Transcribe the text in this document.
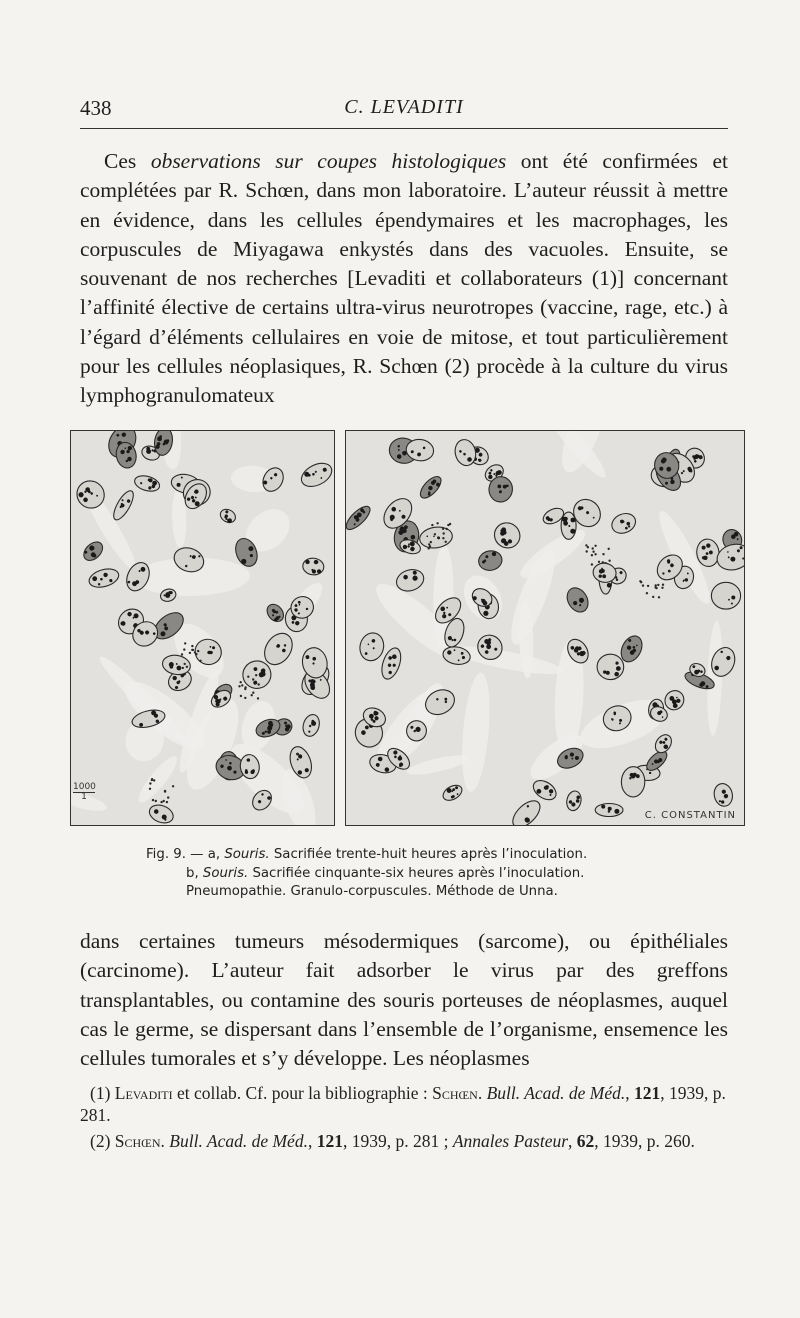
438	C. LEVADITI

Ces observations sur coupes histologiques ont été confirmées et complétées par R. Schœn, dans mon laboratoire. L’auteur réussit à mettre en évidence, dans les cellules épendymaires et les macrophages, les corpuscules de Miyagawa enkystés dans des vacuoles. Ensuite, se souvenant de nos recherches [Levaditi et collaborateurs (1)] concernant l’affinité élective de certains ultra-virus neurotropes (vaccine, rage, etc.) à l’égard d’éléments cellulaires en voie de mitose, et tout particulièrement pour les cellules néoplasiques, R. Schœn (2) procède à la culture du virus lymphogranulomateux

1000
1
C. CONSTANTIN
Fig. 9. — a, Souris. Sacrifiée trente-huit heures après l’inoculation.
b, Souris. Sacrifiée cinquante-six heures après l’inoculation.
Pneumopathie. Granulo-corpuscules. Méthode de Unna.

dans certaines tumeurs mésodermiques (sarcome), ou épithéliales (carcinome). L’auteur fait adsorber le virus par des greffons transplantables, ou contamine des souris porteuses de néoplasmes, auquel cas le germe, se dispersant dans l’ensemble de l’organisme, ensemence les cellules tumorales et s’y développe. Les néoplasmes

(1) Levaditi et collab. Cf. pour la bibliographie : Schœn. Bull. Acad. de Méd., 121, 1939, p. 281.

(2) Schœn. Bull. Acad. de Méd., 121, 1939, p. 281 ; Annales Pasteur, 62, 1939, p. 260.
